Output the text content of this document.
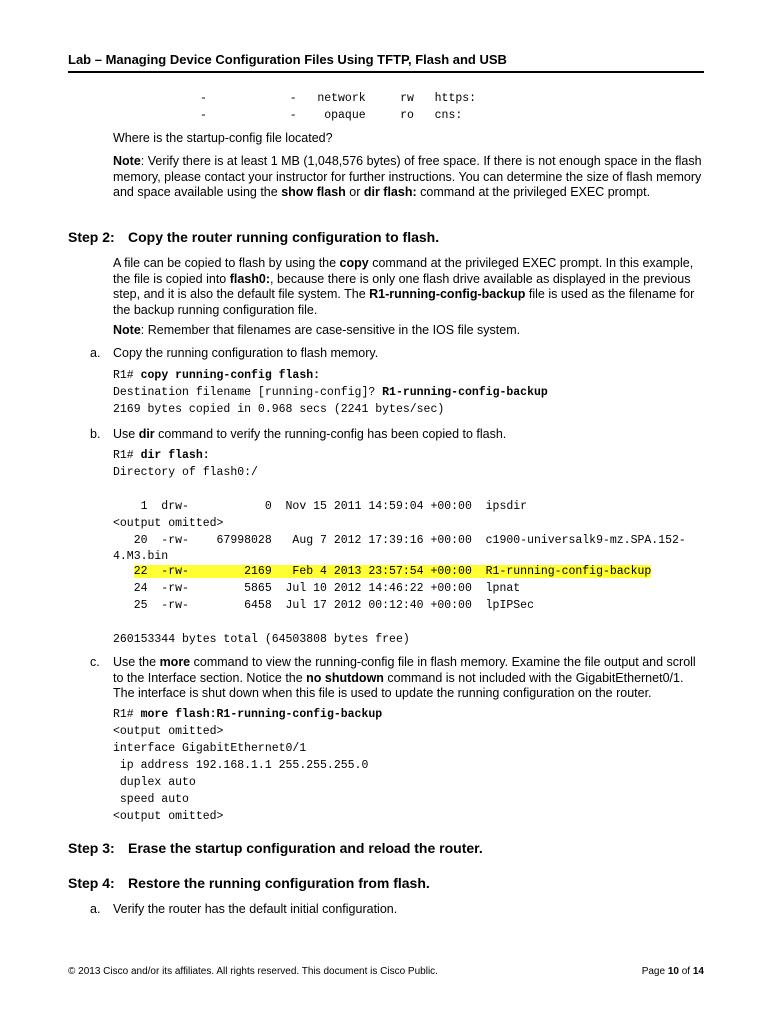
Lab – Managing Device Configuration Files Using TFTP, Flash and USB
-            -   network     rw   https:
-            -    opaque     ro   cns:
Where is the startup-config file located?
Note: Verify there is at least 1 MB (1,048,576 bytes) of free space. If there is not enough space in the flash memory, please contact your instructor for further instructions. You can determine the size of flash memory and space available using the show flash or dir flash: command at the privileged EXEC prompt.
Step 2: Copy the router running configuration to flash.
A file can be copied to flash by using the copy command at the privileged EXEC prompt. In this example, the file is copied into flash0:, because there is only one flash drive available as displayed in the previous step, and it is also the default file system. The R1-running-config-backup file is used as the filename for the backup running configuration file.
Note: Remember that filenames are case-sensitive in the IOS file system.
a. Copy the running configuration to flash memory.
R1# copy running-config flash:
Destination filename [running-config]? R1-running-config-backup
2169 bytes copied in 0.968 secs (2241 bytes/sec)
b. Use dir command to verify the running-config has been copied to flash.
R1# dir flash:
Directory of flash0:/
1  drw-           0  Nov 15 2011 14:59:04 +00:00  ipsdir
<output omitted>
20  -rw-    67998028   Aug 7 2012 17:39:16 +00:00  c1900-universalk9-mz.SPA.152-
4.M3.bin
22  -rw-        2169   Feb 4 2013 23:57:54 +00:00  R1-running-config-backup
24  -rw-        5865  Jul 10 2012 14:46:22 +00:00  lpnat
25  -rw-        6458  Jul 17 2012 00:12:40 +00:00  lpIPSec
260153344 bytes total (64503808 bytes free)
c. Use the more command to view the running-config file in flash memory. Examine the file output and scroll to the Interface section. Notice the no shutdown command is not included with the GigabitEthernet0/1. The interface is shut down when this file is used to update the running configuration on the router.
R1# more flash:R1-running-config-backup
<output omitted>
interface GigabitEthernet0/1
ip address 192.168.1.1 255.255.255.0
duplex auto
speed auto
<output omitted>
Step 3: Erase the startup configuration and reload the router.
Step 4: Restore the running configuration from flash.
a. Verify the router has the default initial configuration.
© 2013 Cisco and/or its affiliates. All rights reserved. This document is Cisco Public.	Page 10 of 14
